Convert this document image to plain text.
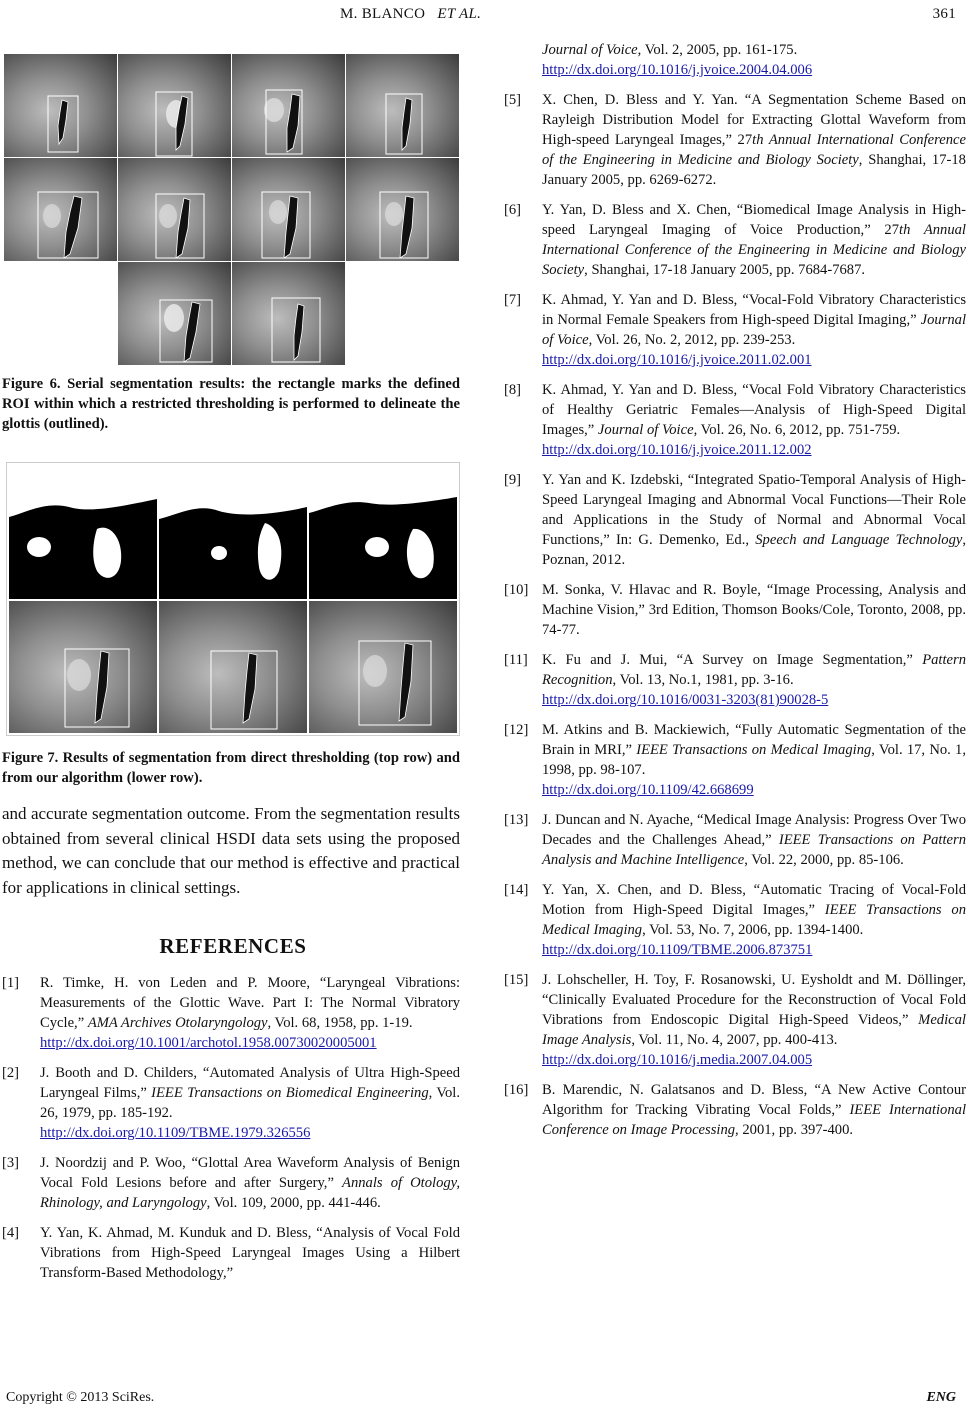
M. BLANCO ET AL.	361
Figure 6. Serial segmentation results: the rectangle marks the defined ROI within which a restricted thresholding is performed to delineate the glottis (outlined).
Figure 7. Results of segmentation from direct thresholding (top row) and from our algorithm (lower row).

and accurate segmentation outcome. From the segmentation results obtained from several clinical HSDI data sets using the proposed method, we can conclude that our method is effective and practical for applications in clinical settings.

REFERENCES
[1] R. Timke, H. von Leden and P. Moore, “Laryngeal Vibrations: Measurements of the Glottic Wave. Part I: The Normal Vibratory Cycle,” AMA Archives Otolaryngology, Vol. 68, 1958, pp. 1-19.
http://dx.doi.org/10.1001/archotol.1958.00730020005001
[2] J. Booth and D. Childers, “Automated Analysis of Ultra High-Speed Laryngeal Films,” IEEE Transactions on Biomedical Engineering, Vol. 26, 1979, pp. 185-192.
http://dx.doi.org/10.1109/TBME.1979.326556
[3] J. Noordzij and P. Woo, “Glottal Area Waveform Analysis of Benign Vocal Fold Lesions before and after Surgery,” Annals of Otology, Rhinology, and Laryngology, Vol. 109, 2000, pp. 441-446.
[4] Y. Yan, K. Ahmad, M. Kunduk and D. Bless, “Analysis of Vocal Fold Vibrations from High-Speed Laryngeal Images Using a Hilbert Transform-Based Methodology,”
Journal of Voice, Vol. 2, 2005, pp. 161-175.
http://dx.doi.org/10.1016/j.jvoice.2004.04.006
[5] X. Chen, D. Bless and Y. Yan. “A Segmentation Scheme Based on Rayleigh Distribution Model for Extracting Glottal Waveform from High-speed Laryngeal Images,” 27th Annual International Conference of the Engineering in Medicine and Biology Society, Shanghai, 17-18 January 2005, pp. 6269-6272.
[6] Y. Yan, D. Bless and X. Chen, “Biomedical Image Analysis in High-speed Laryngeal Imaging of Voice Production,” 27th Annual International Conference of the Engineering in Medicine and Biology Society, Shanghai, 17-18 January 2005, pp. 7684-7687.
[7] K. Ahmad, Y. Yan and D. Bless, “Vocal-Fold Vibratory Characteristics in Normal Female Speakers from High-speed Digital Imaging,” Journal of Voice, Vol. 26, No. 2, 2012, pp. 239-253.
http://dx.doi.org/10.1016/j.jvoice.2011.02.001
[8] K. Ahmad, Y. Yan and D. Bless, “Vocal Fold Vibratory Characteristics of Healthy Geriatric Females—Analysis of High-Speed Digital Images,” Journal of Voice, Vol. 26, No. 6, 2012, pp. 751-759.
http://dx.doi.org/10.1016/j.jvoice.2011.12.002
[9] Y. Yan and K. Izdebski, “Integrated Spatio-Temporal Analysis of High-Speed Laryngeal Imaging and Abnormal Vocal Functions—Their Role and Applications in the Study of Normal and Abnormal Vocal Functions,” In: G. Demenko, Ed., Speech and Language Technology, Poznan, 2012.
[10] M. Sonka, V. Hlavac and R. Boyle, “Image Processing, Analysis and Machine Vision,” 3rd Edition, Thomson Books/Cole, Toronto, 2008, pp. 74-77.
[11] K. Fu and J. Mui, “A Survey on Image Segmentation,” Pattern Recognition, Vol. 13, No.1, 1981, pp. 3-16.
http://dx.doi.org/10.1016/0031-3203(81)90028-5
[12] M. Atkins and B. Mackiewich, “Fully Automatic Segmentation of the Brain in MRI,” IEEE Transactions on Medical Imaging, Vol. 17, No. 1, 1998, pp. 98-107.
http://dx.doi.org/10.1109/42.668699
[13] J. Duncan and N. Ayache, “Medical Image Analysis: Progress Over Two Decades and the Challenges Ahead,” IEEE Transactions on Pattern Analysis and Machine Intelligence, Vol. 22, 2000, pp. 85-106.
[14] Y. Yan, X. Chen, and D. Bless, “Automatic Tracing of Vocal-Fold Motion from High-Speed Digital Images,” IEEE Transactions on Medical Imaging, Vol. 53, No. 7, 2006, pp. 1394-1400.
http://dx.doi.org/10.1109/TBME.2006.873751
[15] J. Lohscheller, H. Toy, F. Rosanowski, U. Eysholdt and M. Döllinger, “Clinically Evaluated Procedure for the Reconstruction of Vocal Fold Vibrations from Endoscopic Digital High-Speed Videos,” Medical Image Analysis, Vol. 11, No. 4, 2007, pp. 400-413.
http://dx.doi.org/10.1016/j.media.2007.04.005
[16] B. Marendic, N. Galatsanos and D. Bless, “A New Active Contour Algorithm for Tracking Vibrating Vocal Folds,” IEEE International Conference on Image Processing, 2001, pp. 397-400.
Copyright © 2013 SciRes.	ENG
